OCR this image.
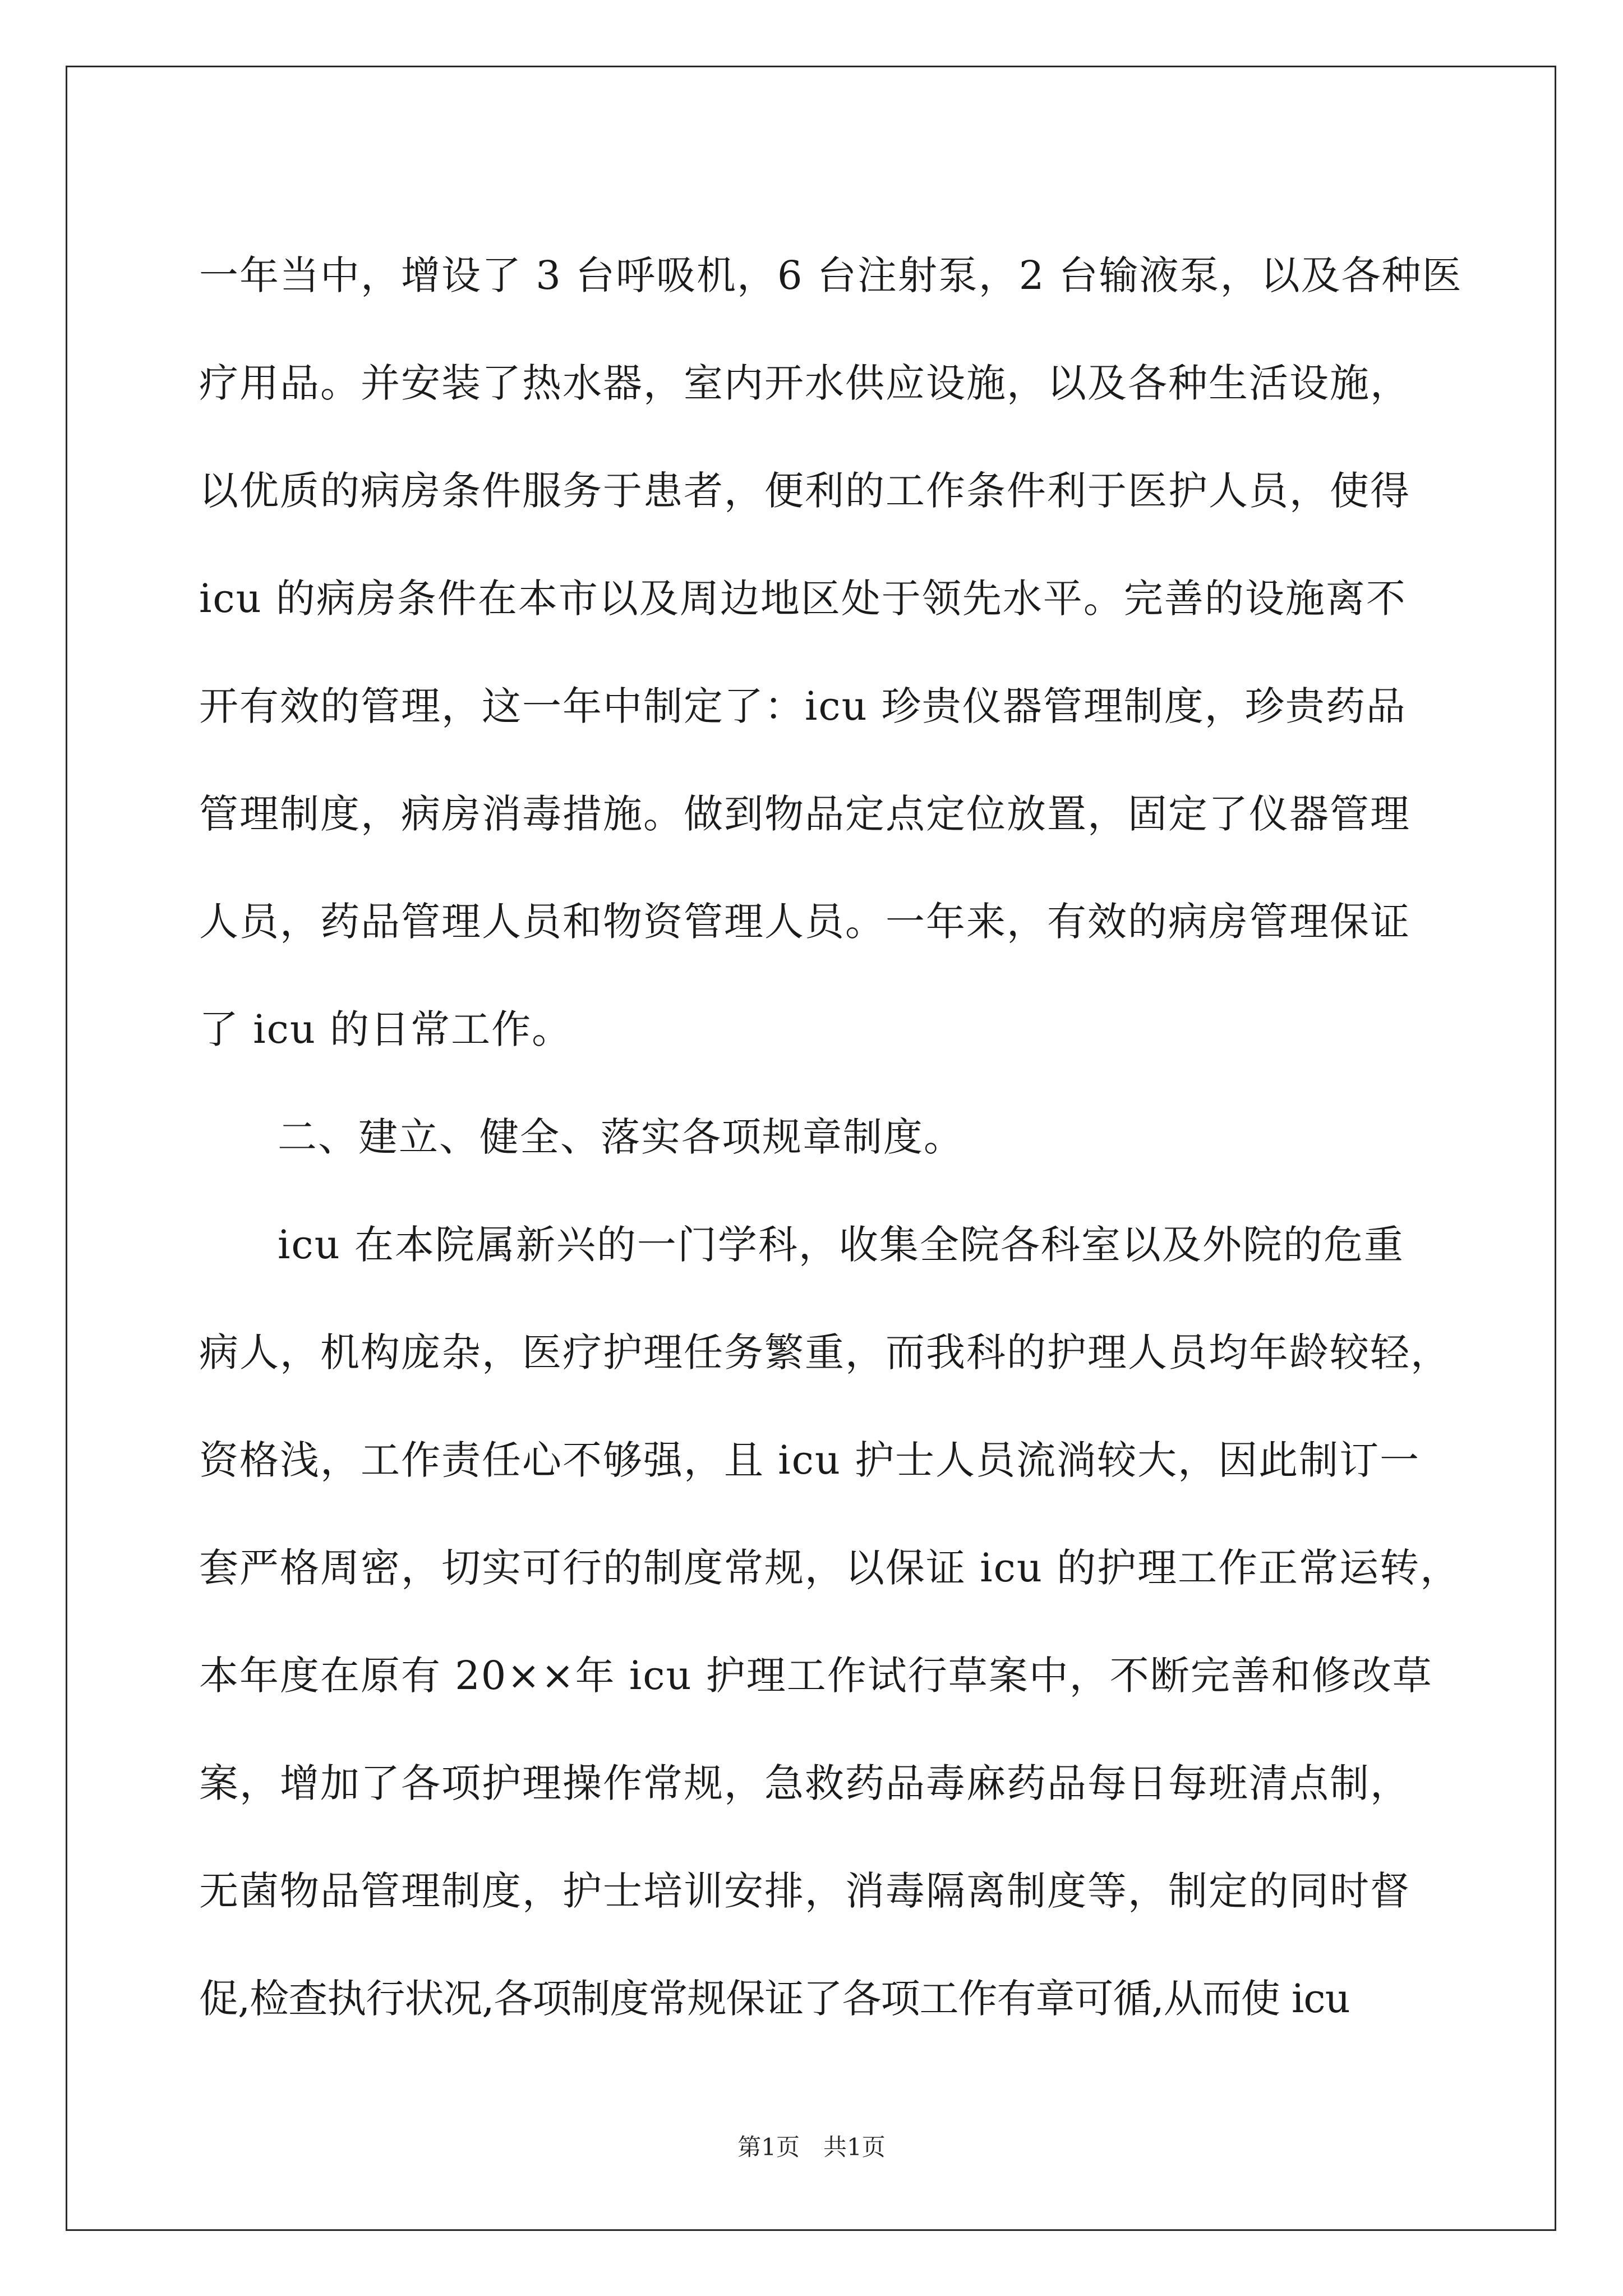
一年当中，增设了 3 台呼吸机，6 台注射泵，2 台输液泵，以及各种医
疗用品。并安装了热水器，室内开水供应设施，以及各种生活设施，
以优质的病房条件服务于患者，便利的工作条件利于医护人员，使得
icu 的病房条件在本市以及周边地区处于领先水平。完善的设施离不
开有效的管理，这一年中制定了：icu 珍贵仪器管理制度，珍贵药品
管理制度，病房消毒措施。做到物品定点定位放置，固定了仪器管理
人员，药品管理人员和物资管理人员。一年来，有效的病房管理保证
了 icu 的日常工作。
二、建立、健全、落实各项规章制度。
icu 在本院属新兴的一门学科，收集全院各科室以及外院的危重
病人，机构庞杂，医疗护理任务繁重，而我科的护理人员均年龄较轻，
资格浅，工作责任心不够强，且 icu 护士人员流淌较大，因此制订一
套严格周密，切实可行的制度常规，以保证 icu 的护理工作正常运转，
本年度在原有 20××年 icu 护理工作试行草案中，不断完善和修改草
案，增加了各项护理操作常规，急救药品毒麻药品每日每班清点制，
无菌物品管理制度，护士培训安排，消毒隔离制度等，制定的同时督
促,检查执行状况,各项制度常规保证了各项工作有章可循,从而使 icu
第1页　共1页
